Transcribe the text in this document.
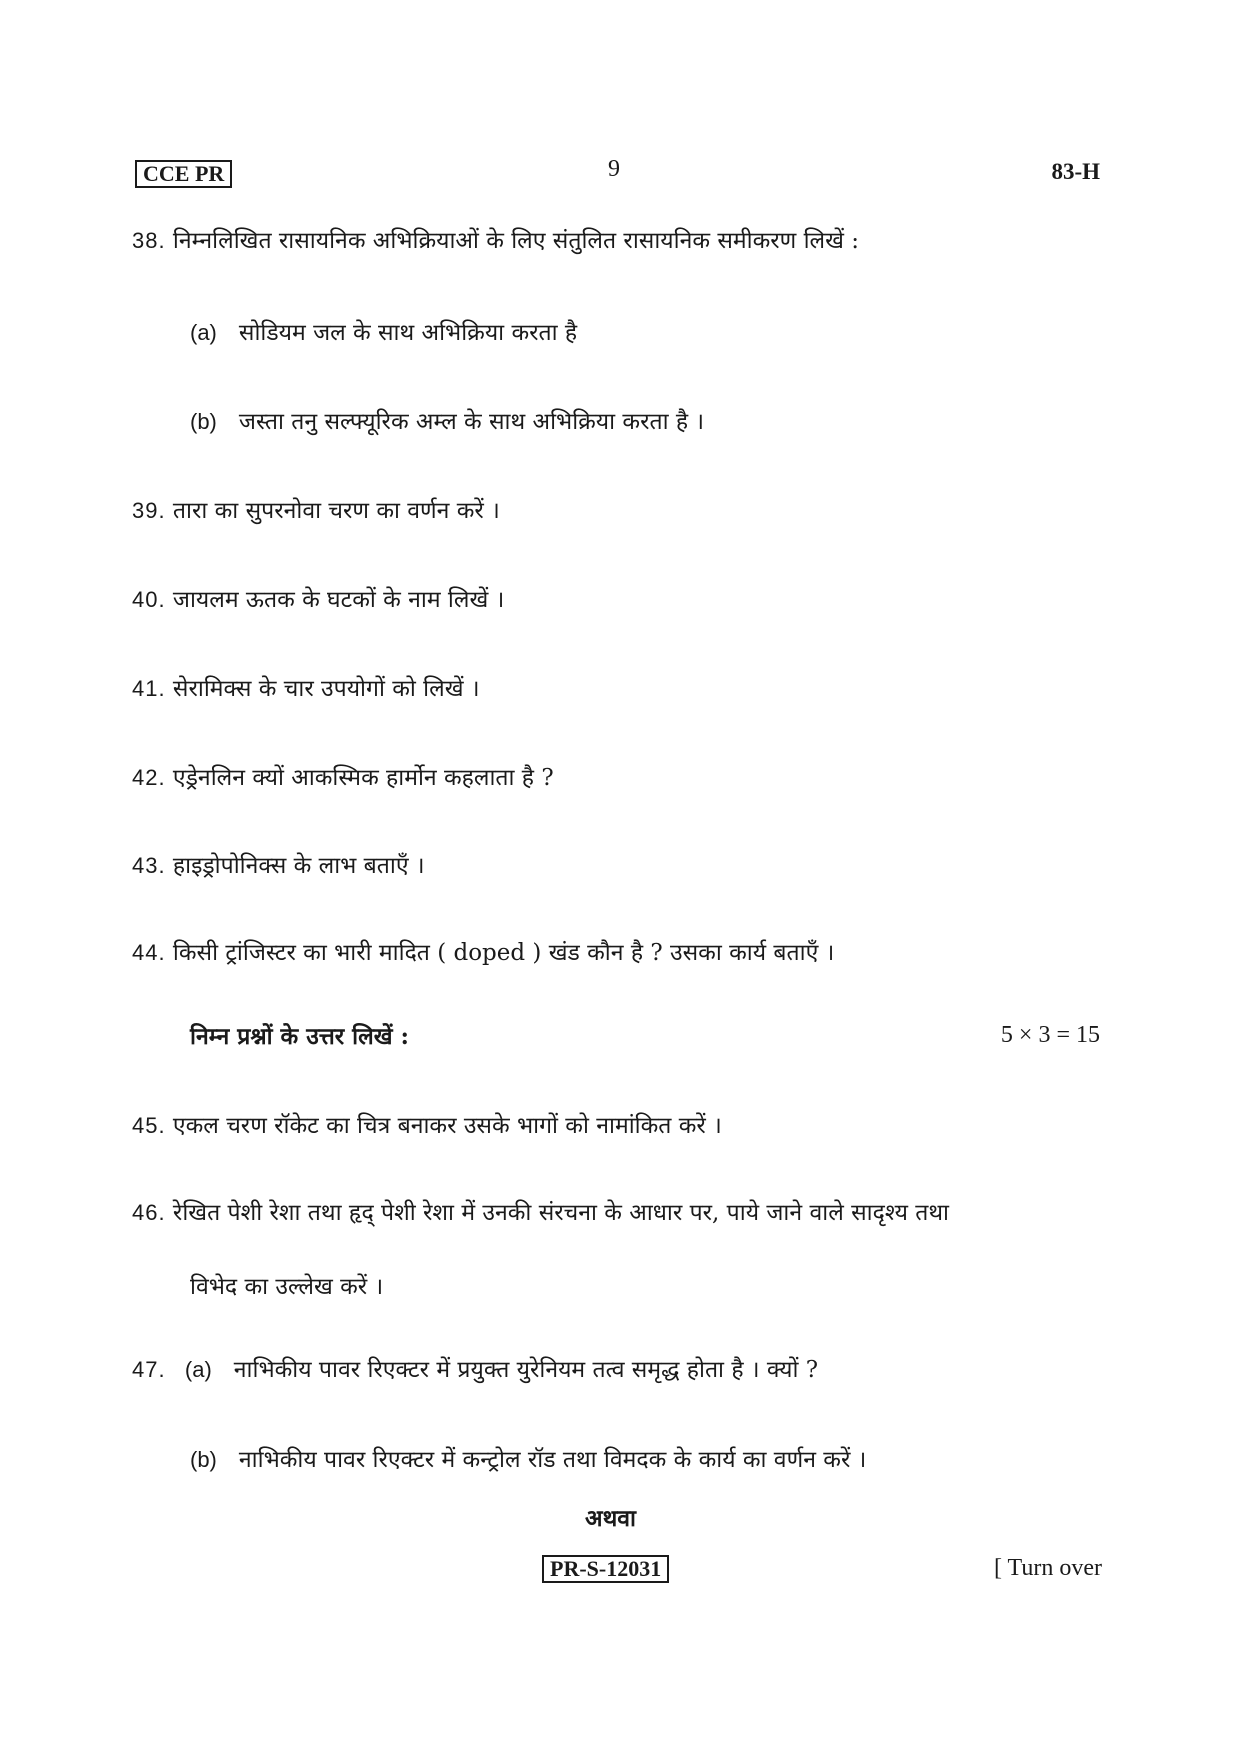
CCE PR	9	83-H
38. निम्नलिखित रासायनिक अभिक्रियाओं के लिए संतुलित रासायनिक समीकरण लिखें :
(a) सोडियम जल के साथ अभिक्रिया करता है
(b) जस्ता तनु सल्फ्यूरिक अम्ल के साथ अभिक्रिया करता है ।
39. तारा का सुपरनोवा चरण का वर्णन करें ।
40. जायलम ऊतक के घटकों के नाम लिखें ।
41. सेरामिक्स के चार उपयोगों को लिखें ।
42. एड्रेनलिन क्यों आकस्मिक हार्मोन कहलाता है ?
43. हाइड्रोपोनिक्स के लाभ बताएँ ।
44. किसी ट्रांजिस्टर का भारी मादित ( doped ) खंड कौन है ? उसका कार्य बताएँ ।
निम्न प्रश्नों के उत्तर लिखें :	5 × 3 = 15
45. एकल चरण रॉकेट का चित्र बनाकर उसके भागों को नामांकित करें ।
46. रेखित पेशी रेशा तथा हृद् पेशी रेशा में उनकी संरचना के आधार पर, पाये जाने वाले सादृश्य तथा
विभेद का उल्लेख करें ।
47. (a) नाभिकीय पावर रिएक्टर में प्रयुक्त युरेनियम तत्व समृद्ध होता है । क्यों ?
(b) नाभिकीय पावर रिएक्टर में कन्ट्रोल रॉड तथा विमदक के कार्य का वर्णन करें ।
अथवा
PR-S-12031	[ Turn over
